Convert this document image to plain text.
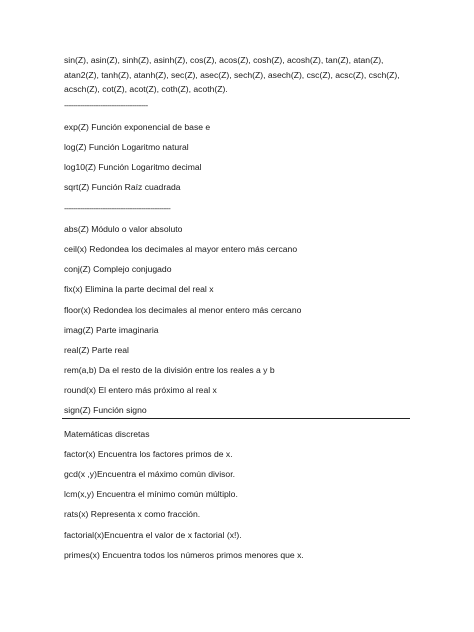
sin(Z), asin(Z), sinh(Z), asinh(Z), cos(Z), acos(Z), cosh(Z), acosh(Z), tan(Z), atan(Z), atan2(Z), tanh(Z), atanh(Z), sec(Z), asec(Z), sech(Z), asech(Z), csc(Z), acsc(Z), csch(Z), acsch(Z), cot(Z), acot(Z), coth(Z), acoth(Z).

-------------------------------------

exp(Z) Función exponencial de base e

log(Z) Función Logaritmo natural

log10(Z) Función Logaritmo decimal

sqrt(Z) Función Raíz cuadrada

-----------------------------------------------

abs(Z) Módulo o valor absoluto

ceil(x) Redondea los decimales al mayor entero más cercano

conj(Z) Complejo conjugado

fix(x) Elimina la parte decimal del real x

floor(x) Redondea los decimales al menor entero más cercano

imag(Z) Parte imaginaria

real(Z) Parte real

rem(a,b) Da el resto de la división entre los reales a y b

round(x) El entero más próximo al real x

sign(Z) Función signo

Matemáticas discretas

factor(x) Encuentra los factores primos de x.

gcd(x ,y)Encuentra el máximo común divisor.

lcm(x,y) Encuentra el mínimo común múltiplo.

rats(x) Representa x como fracción.

factorial(x)Encuentra el valor de x factorial (x!).

primes(x) Encuentra todos los números primos menores que x.
